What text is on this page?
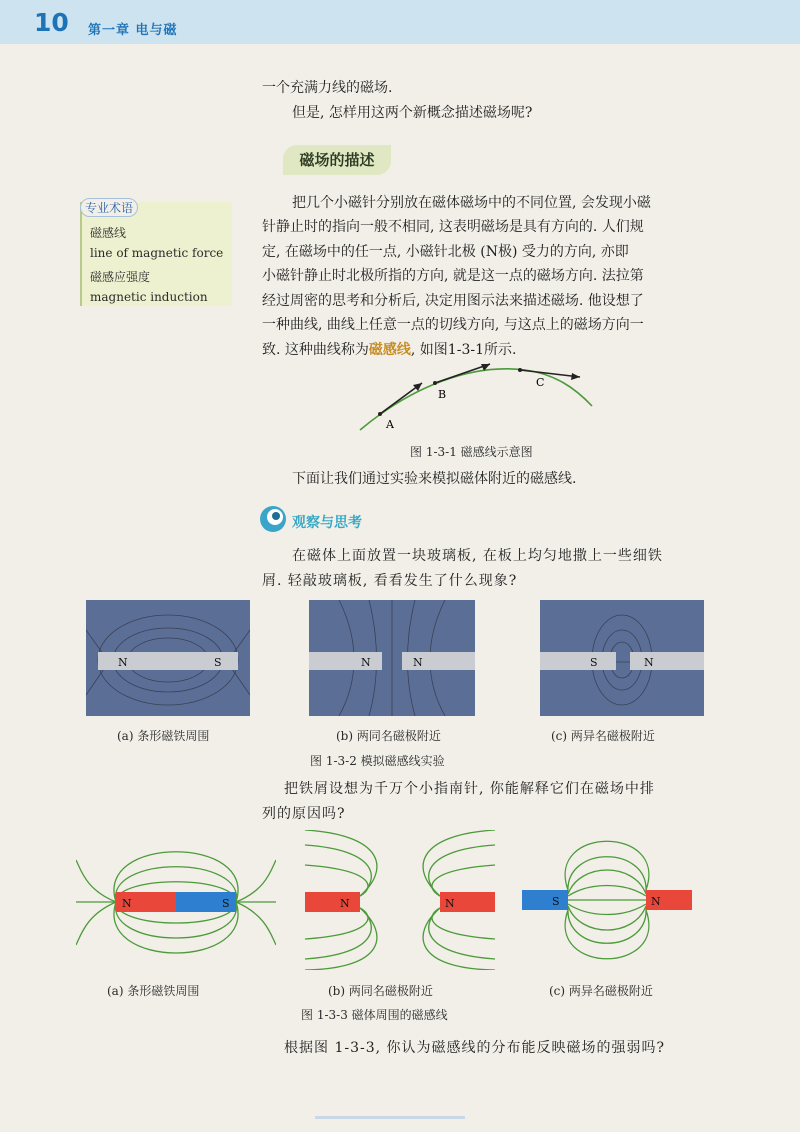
10 第一章 电与磁
一个充满力线的磁场.
但是, 怎样用这两个新概念描述磁场呢?
磁场的描述
专业术语
磁感线
line of magnetic force
磁感应强度
magnetic induction
把几个小磁针分别放在磁体磁场中的不同位置, 会发现小磁
针静止时的指向一般不相同, 这表明磁场是具有方向的. 人们规
定, 在磁场中的任一点, 小磁针北极 (N极) 受力的方向, 亦即
小磁针静止时北极所指的方向, 就是这一点的磁场方向. 法拉第
经过周密的思考和分析后, 决定用图示法来描述磁场. 他设想了
一种曲线, 曲线上任意一点的切线方向, 与这点上的磁场方向一
致. 这种曲线称为磁感线, 如图1-3-1所示.
A
B
C
图 1-3-1 磁感线示意图
下面让我们通过实验来模拟磁体附近的磁感线.
观察与思考
在磁体上面放置一块玻璃板, 在板上均匀地撒上一些细铁
屑. 轻敲玻璃板, 看看发生了什么现象?
N	S	N	N	S	N
(a) 条形磁铁周围	(b) 两同名磁极附近	(c) 两异名磁极附近
图 1-3-2 模拟磁感线实验
把铁屑设想为千万个小指南针, 你能解释它们在磁场中排
列的原因吗?
N	S	N	N	S	N
(a) 条形磁铁周围	(b) 两同名磁极附近	(c) 两异名磁极附近
图 1-3-3 磁体周围的磁感线
根据图 1-3-3, 你认为磁感线的分布能反映磁场的强弱吗?
